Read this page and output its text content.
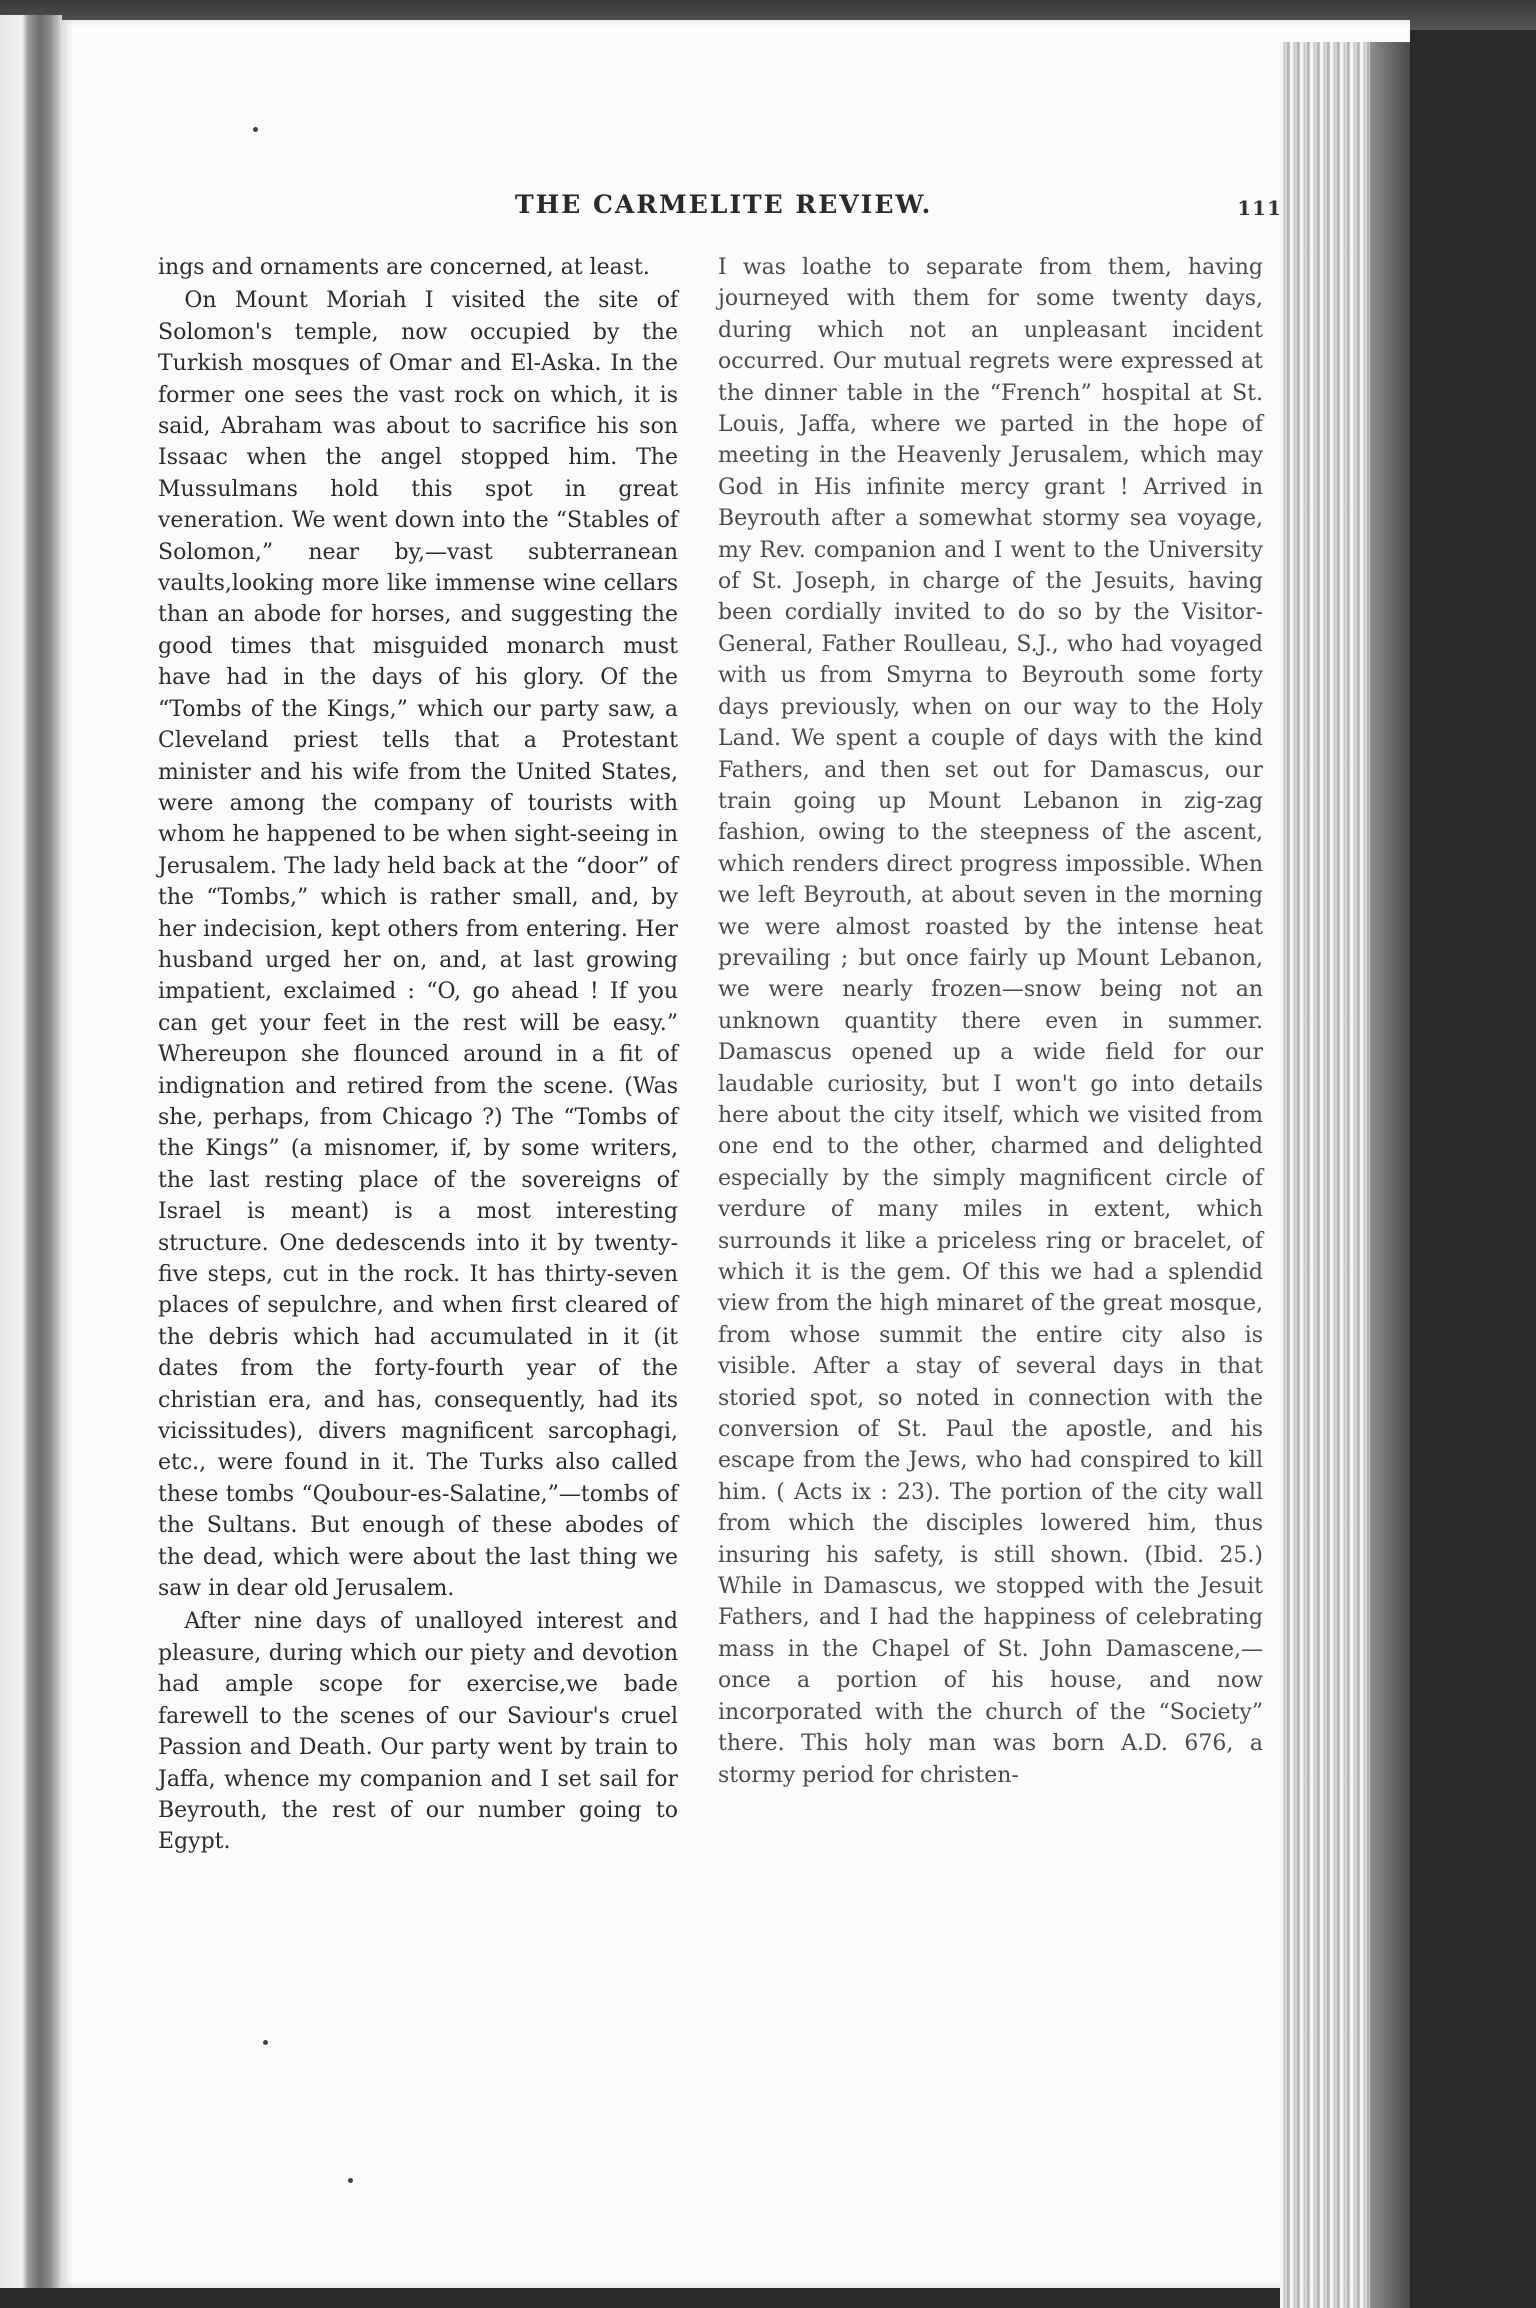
THE CARMELITE REVIEW.	111

ings and ornaments are concerned, at least.

On Mount Moriah I visited the site of Solomon's temple, now occupied by the Turkish mosques of Omar and El-Aska. In the former one sees the vast rock on which, it is said, Abraham was about to sacrifice his son Issaac when the angel stopped him. The Mussulmans hold this spot in great veneration. We went down into the “Stables of Solomon,” near by,—vast subterranean vaults,looking more like immense wine cellars than an abode for horses, and suggesting the good times that misguided monarch must have had in the days of his glory. Of the “Tombs of the Kings,” which our party saw, a Cleveland priest tells that a Protestant minister and his wife from the United States, were among the company of tourists with whom he happened to be when sight-seeing in Jerusalem. The lady held back at the “door” of the “Tombs,” which is rather small, and, by her indecision, kept others from entering. Her husband urged her on, and, at last growing impatient, exclaimed : “O, go ahead ! If you can get your feet in the rest will be easy.” Whereupon she flounced around in a fit of indignation and retired from the scene. (Was she, perhaps, from Chicago ?) The “Tombs of the Kings” (a misnomer, if, by some writers, the last resting place of the sovereigns of Israel is meant) is a most interesting structure. One dedescends into it by twenty-five steps, cut in the rock. It has thirty-seven places of sepulchre, and when first cleared of the debris which had accumulated in it (it dates from the forty-fourth year of the christian era, and has, consequently, had its vicissitudes), divers magnificent sarcophagi, etc., were found in it. The Turks also called these tombs “Qoubour-es-Salatine,”—tombs of the Sultans. But enough of these abodes of the dead, which were about the last thing we saw in dear old Jerusalem.

After nine days of unalloyed interest and pleasure, during which our piety and devotion had ample scope for exercise,we bade farewell to the scenes of our Saviour's cruel Passion and Death. Our party went by train to Jaffa, whence my companion and I set sail for Beyrouth, the rest of our number going to Egypt.

I was loathe to separate from them, having journeyed with them for some twenty days, during which not an unpleasant incident occurred. Our mutual regrets were expressed at the dinner table in the “French” hospital at St. Louis, Jaffa, where we parted in the hope of meeting in the Heavenly Jerusalem, which may God in His infinite mercy grant ! Arrived in Beyrouth after a somewhat stormy sea voyage, my Rev. companion and I went to the University of St. Joseph, in charge of the Jesuits, having been cordially invited to do so by the Visitor-General, Father Roulleau, S.J., who had voyaged with us from Smyrna to Beyrouth some forty days previously, when on our way to the Holy Land. We spent a couple of days with the kind Fathers, and then set out for Damascus, our train going up Mount Lebanon in zig-zag fashion, owing to the steepness of the ascent, which renders direct progress impossible. When we left Beyrouth, at about seven in the morning we were almost roasted by the intense heat prevailing ; but once fairly up Mount Lebanon, we were nearly frozen—snow being not an unknown quantity there even in summer. Damascus opened up a wide field for our laudable curiosity, but I won't go into details here about the city itself, which we visited from one end to the other, charmed and delighted especially by the simply magnificent circle of verdure of many miles in extent, which surrounds it like a priceless ring or bracelet, of which it is the gem. Of this we had a splendid view from the high minaret of the great mosque, from whose summit the entire city also is visible. After a stay of several days in that storied spot, so noted in connection with the conversion of St. Paul the apostle, and his escape from the Jews, who had conspired to kill him. ( Acts ix : 23). The portion of the city wall from which the disciples lowered him, thus insuring his safety, is still shown. (Ibid. 25.) While in Damascus, we stopped with the Jesuit Fathers, and I had the happiness of celebrating mass in the Chapel of St. John Damascene,—once a portion of his house, and now incorporated with the church of the “Society” there. This holy man was born A.D. 676, a stormy period for christen-
